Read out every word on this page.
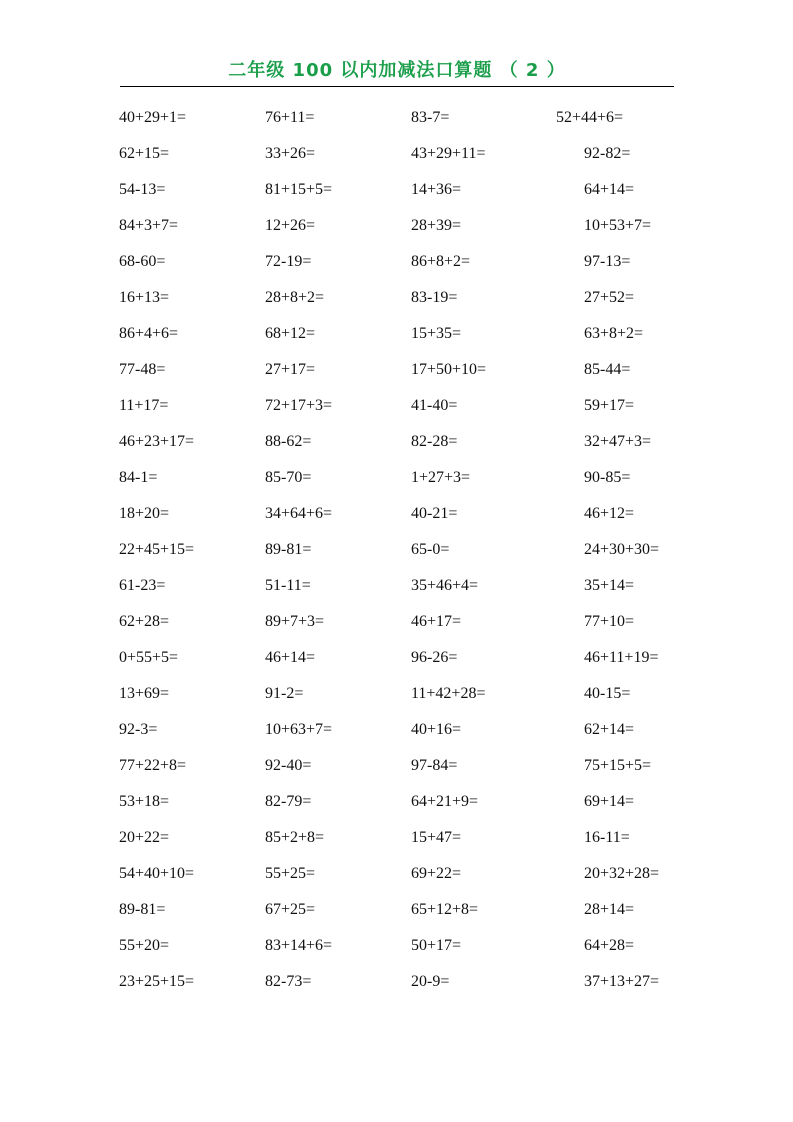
二年级 100 以内加减法口算题 （ 2 ）
40+29+1=	76+11=	83-7=	52+44+6=
62+15=	33+26=	43+29+11=	92-82=
54-13=	81+15+5=	14+36=	64+14=
84+3+7=	12+26=	28+39=	10+53+7=
68-60=	72-19=	86+8+2=	97-13=
16+13=	28+8+2=	83-19=	27+52=
86+4+6=	68+12=	15+35=	63+8+2=
77-48=	27+17=	17+50+10=	85-44=
11+17=	72+17+3=	41-40=	59+17=
46+23+17=	88-62=	82-28=	32+47+3=
84-1=	85-70=	1+27+3=	90-85=
18+20=	34+64+6=	40-21=	46+12=
22+45+15=	89-81=	65-0=	24+30+30=
61-23=	51-11=	35+46+4=	35+14=
62+28=	89+7+3=	46+17=	77+10=
0+55+5=	46+14=	96-26=	46+11+19=
13+69=	91-2=	11+42+28=	40-15=
92-3=	10+63+7=	40+16=	62+14=
77+22+8=	92-40=	97-84=	75+15+5=
53+18=	82-79=	64+21+9=	69+14=
20+22=	85+2+8=	15+47=	16-11=
54+40+10=	55+25=	69+22=	20+32+28=
89-81=	67+25=	65+12+8=	28+14=
55+20=	83+14+6=	50+17=	64+28=
23+25+15=	82-73=	20-9=	37+13+27=
